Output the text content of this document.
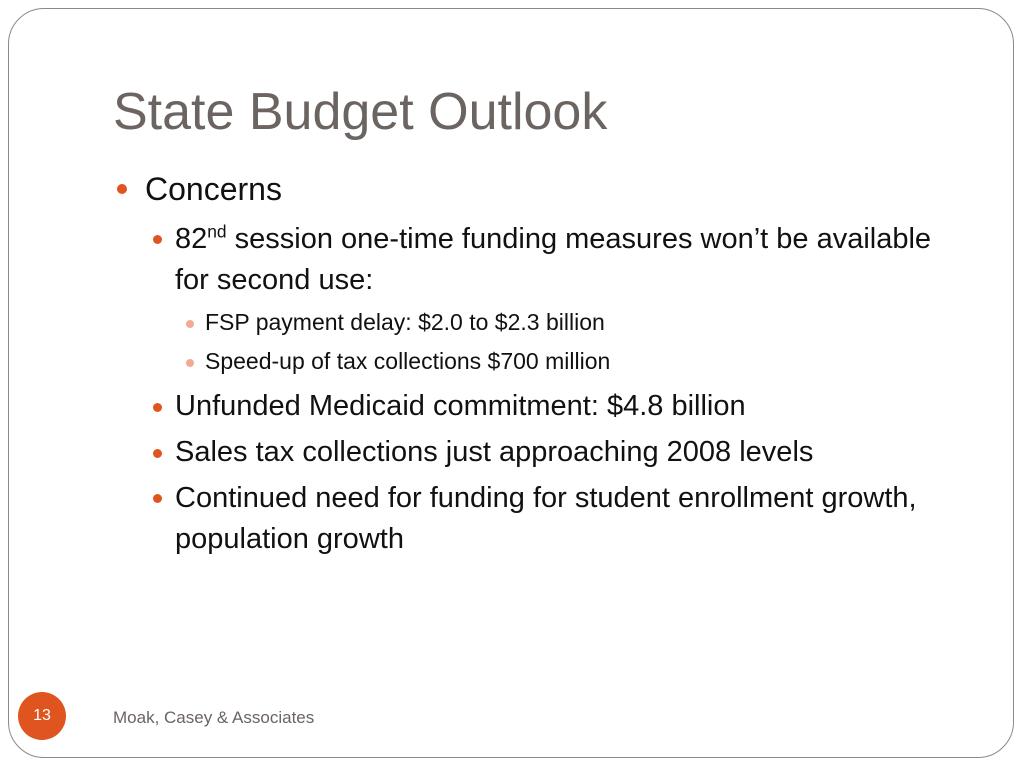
State Budget Outlook
Concerns
82nd session one-time funding measures won’t be available for second use:
FSP payment delay: $2.0 to $2.3 billion
Speed-up of tax collections $700 million
Unfunded Medicaid commitment: $4.8 billion
Sales tax collections just approaching 2008 levels
Continued need for funding for student enrollment growth, population growth
13	Moak, Casey & Associates
